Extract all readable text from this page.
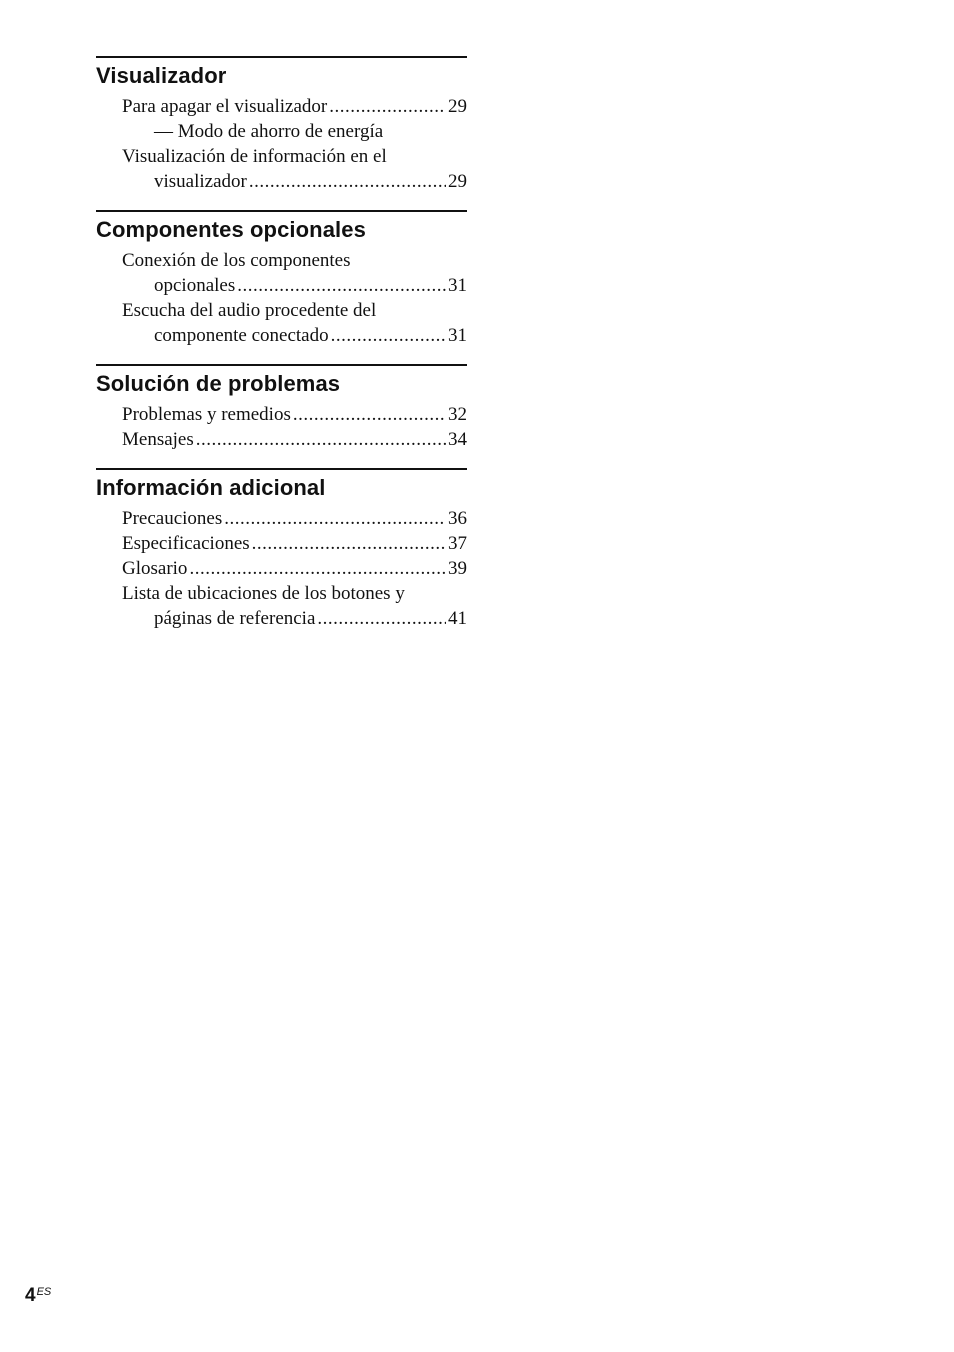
Visualizador
Para apagar el visualizador .....	29
— Modo de ahorro de energía
Visualización de información en el
visualizador .....	29
Componentes opcionales
Conexión de los componentes
opcionales .....	31
Escucha del audio procedente del
componente conectado .....	31
Solución de problemas
Problemas y remedios .....	32
Mensajes .....	34
Información adicional
Precauciones .....	36
Especificaciones .....	37
Glosario .....	39
Lista de ubicaciones de los botones y
páginas de referencia .....	41
$4^{ES}$
